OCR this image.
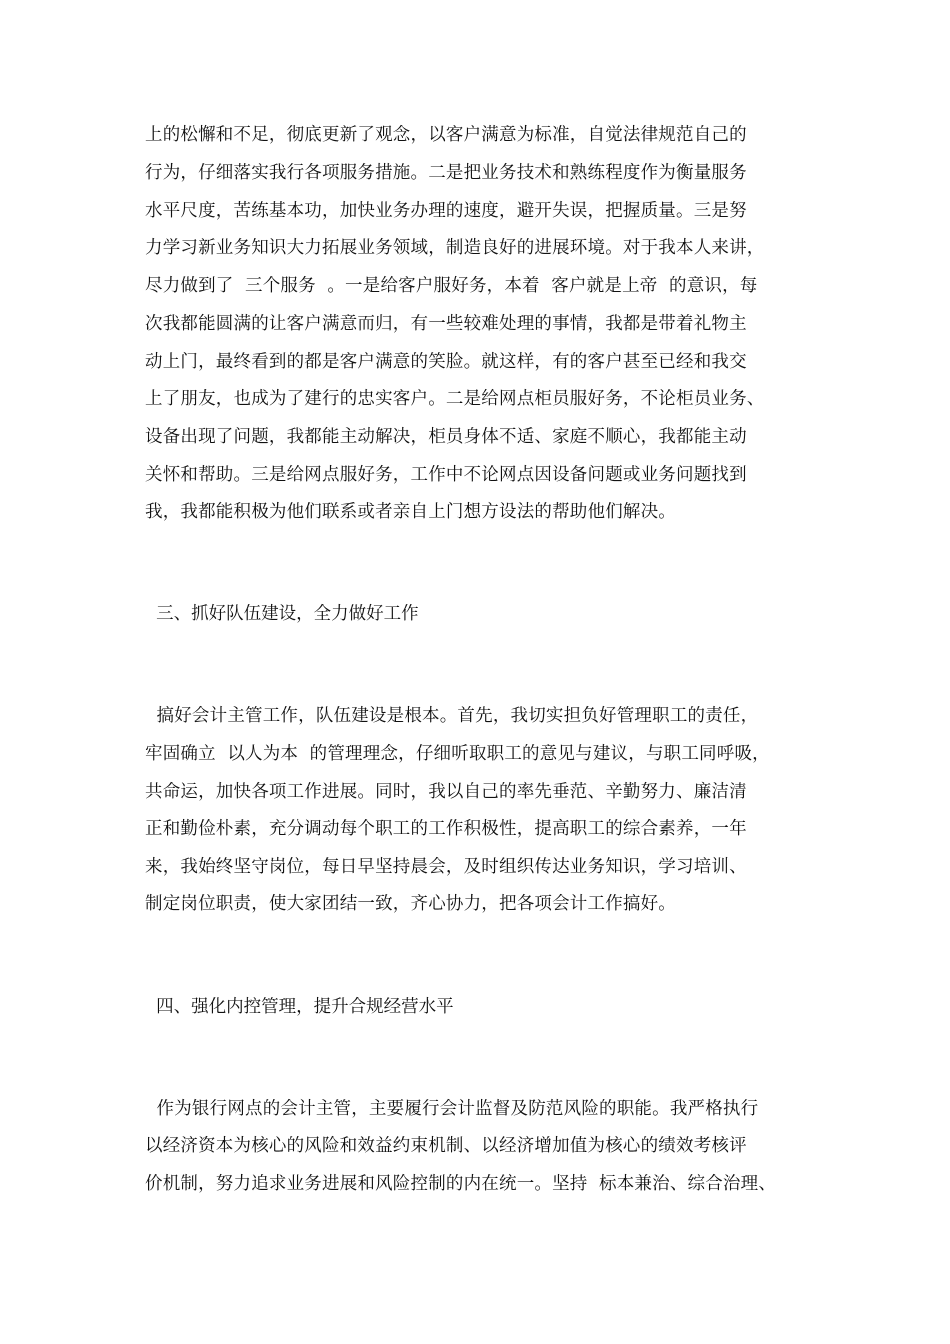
上的松懈和不足，彻底更新了观念，以客户满意为标准，自觉法律规范自己的
行为，仔细落实我行各项服务措施。二是把业务技术和熟练程度作为衡量服务
水平尺度，苦练基本功，加快业务办理的速度，避开失误，把握质量。三是努
力学习新业务知识大力拓展业务领域，制造良好的进展环境。对于我本人来讲，
尽力做到了  三个服务  。一是给客户服好务，本着  客户就是上帝  的意识，每
次我都能圆满的让客户满意而归，有一些较难处理的事情，我都是带着礼物主
动上门，最终看到的都是客户满意的笑脸。就这样，有的客户甚至已经和我交
上了朋友，也成为了建行的忠实客户。二是给网点柜员服好务，不论柜员业务、
设备出现了问题，我都能主动解决，柜员身体不适、家庭不顺心，我都能主动
关怀和帮助。三是给网点服好务，工作中不论网点因设备问题或业务问题找到
我，我都能积极为他们联系或者亲自上门想方设法的帮助他们解决。
三、抓好队伍建设，全力做好工作
搞好会计主管工作，队伍建设是根本。首先，我切实担负好管理职工的责任，
牢固确立  以人为本  的管理理念，仔细听取职工的意见与建议，与职工同呼吸，
共命运，加快各项工作进展。同时，我以自己的率先垂范、辛勤努力、廉洁清
正和勤俭朴素，充分调动每个职工的工作积极性，提高职工的综合素养，一年
来，我始终坚守岗位，每日早坚持晨会，及时组织传达业务知识，学习培训、
制定岗位职责，使大家团结一致，齐心协力，把各项会计工作搞好。
四、强化内控管理，提升合规经营水平
作为银行网点的会计主管，主要履行会计监督及防范风险的职能。我严格执行
以经济资本为核心的风险和效益约束机制、以经济增加值为核心的绩效考核评
价机制，努力追求业务进展和风险控制的内在统一。坚持  标本兼治、综合治理、
